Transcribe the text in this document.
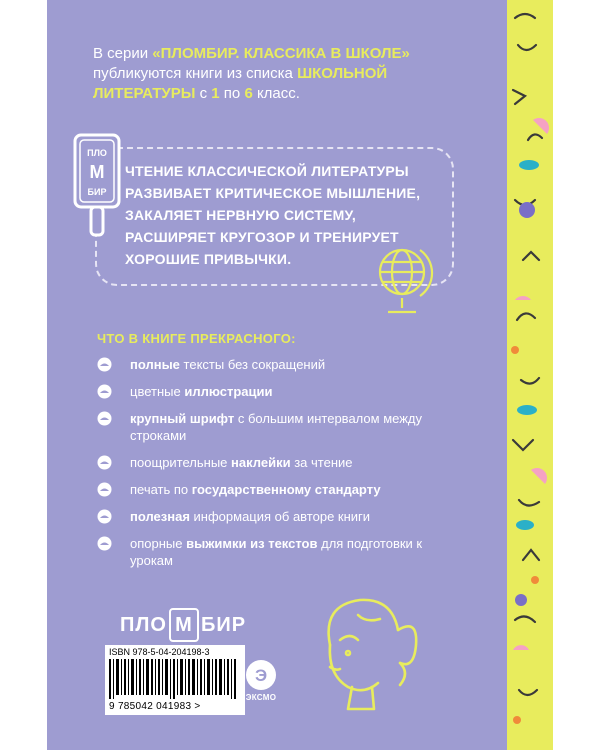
В серии «ПЛОМБИР. КЛАССИКА В ШКОЛЕ» публикуются книги из списка ШКОЛЬНОЙ ЛИТЕРАТУРЫ с 1 по 6 класс.
ЧТЕНИЕ КЛАССИЧЕСКОЙ ЛИТЕРАТУРЫ
РАЗВИВАЕТ КРИТИЧЕСКОЕ МЫШЛЕНИЕ,
ЗАКАЛЯЕТ НЕРВНУЮ СИСТЕМУ,
РАСШИРЯЕТ КРУГОЗОР И ТРЕНИРУЕТ
ХОРОШИЕ ПРИВЫЧКИ.
ПЛО
М
БИР
ЧТО В КНИГЕ ПРЕКРАСНОГО:
полные тексты без сокращений
цветные иллюстрации
крупный шрифт с большим интервалом между строками
поощрительные наклейки за чтение
печать по государственному стандарту
полезная информация об авторе книги
опорные выжимки из текстов для подготовки к урокам
ПЛО М БИР
ISBN 978-5-04-204198-3
9 785042 041983 >
Э
ЭКСМО
